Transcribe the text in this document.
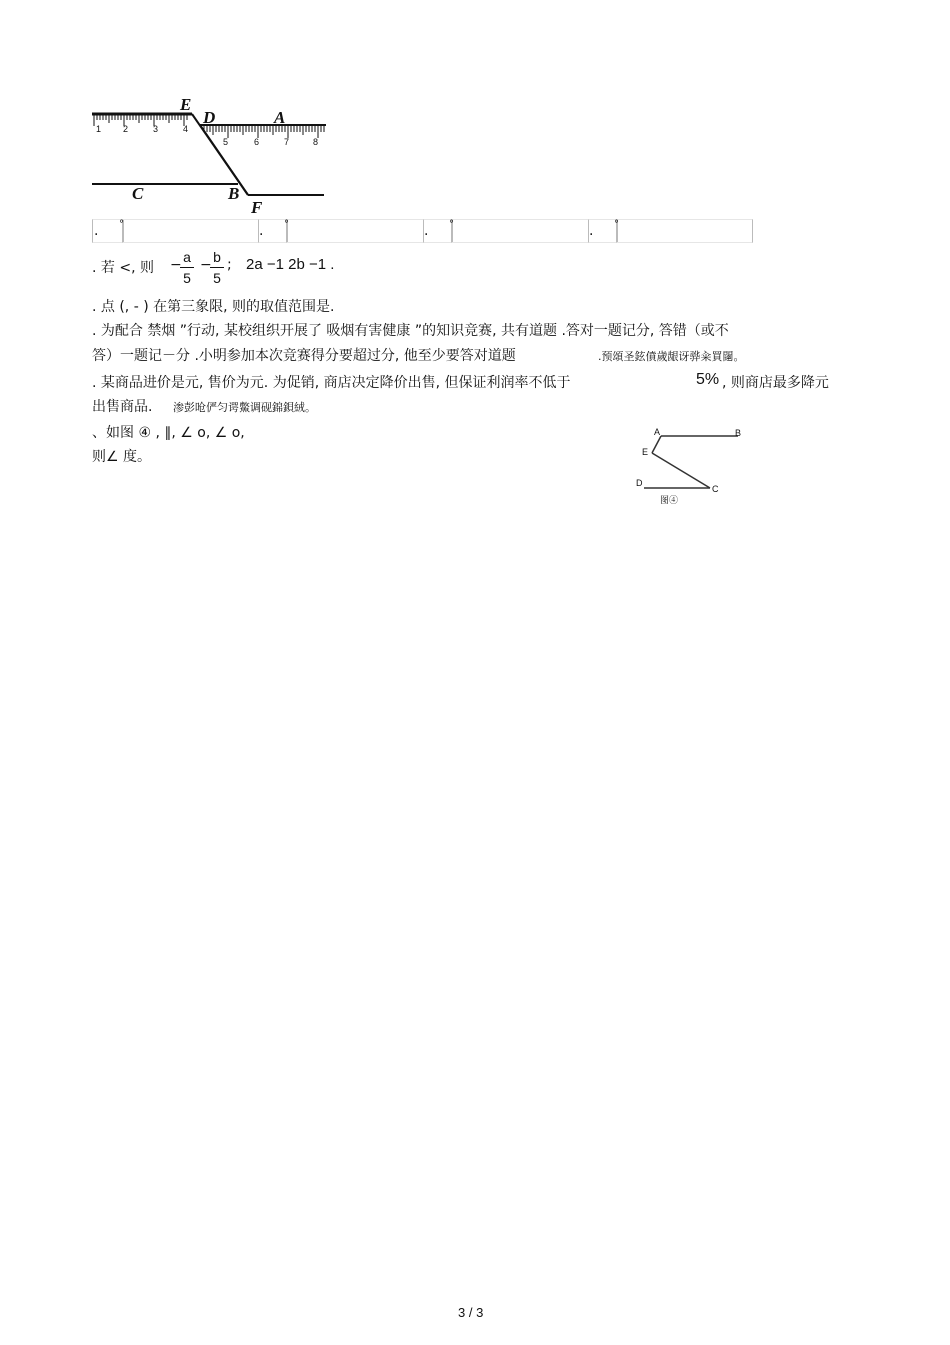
E
D	A
C	B
F
1 2	3	4
5	6	7	8
. °	. °	. °	. °
. 若 <, 则 − a
5
− b
5
; 2a −1 2b −1 .
. 点 (, - ) 在第三象限, 则的取值范围是.
. 为配合 禁烟 ”行动, 某校组织开展了 吸烟有害健康 ”的知识竞赛, 共有道题 .答对一题记分, 答错（或不
答）一题记－分 .小明参加本次竞赛得分要超过分, 他至少要答对道题	.预頌圣鉉僨歲龈讶骅籴買闥。
. 某商品进价是元, 售价为元. 为促销, 商店决定降价出售, 但保证利润率不低于	5% , 则商店最多降元
出售商品. 渗彭呛俨匀谔鱉调砚錦鋇絨。
、如图 ④ , ∥, ∠ o, ∠ o,
则∠ 度。
A	B
E
D
C
图④
3 / 3
